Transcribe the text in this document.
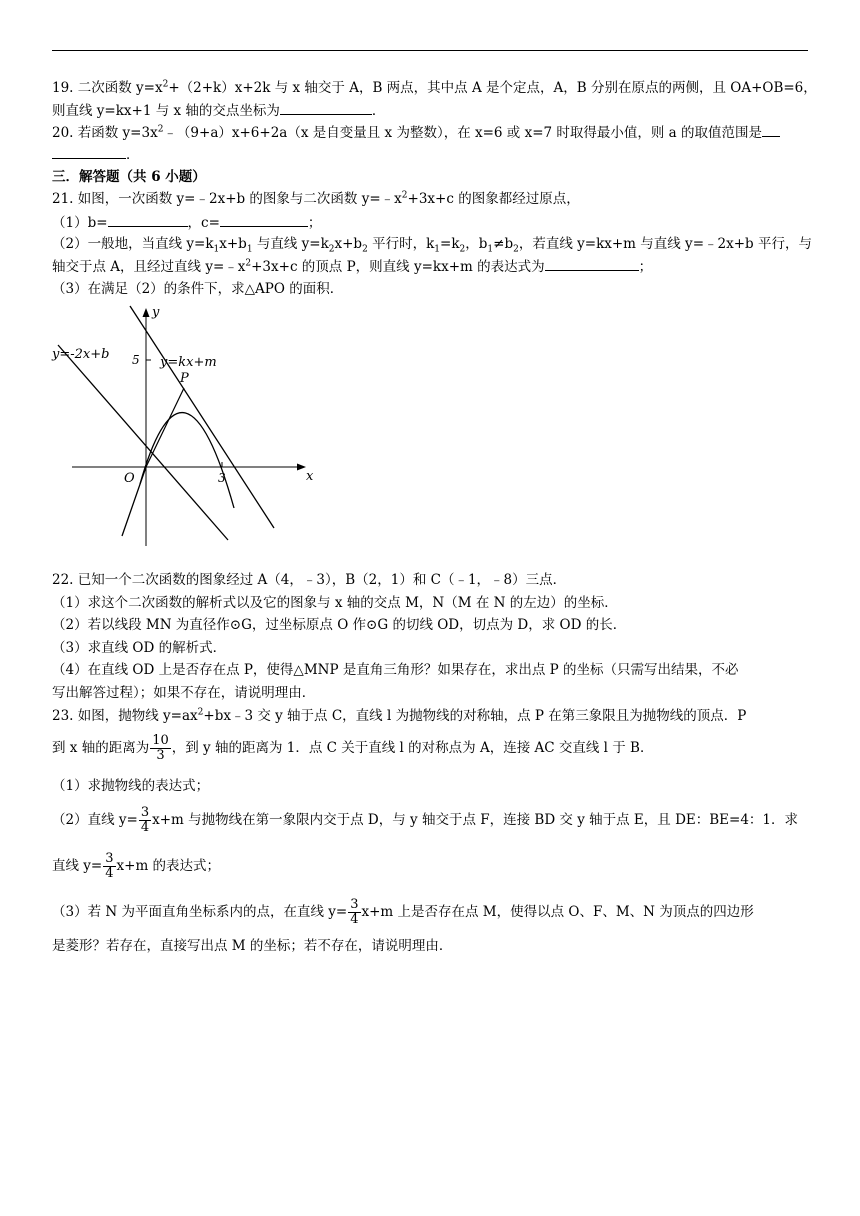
19. 二次函数 $y=x^2+(2+k)x+2k$ 与 x 轴交于 A，B 两点，其中点 A 是个定点，A，B 分别在原点的两侧，且 OA+OB=6，
则直线 y=kx+1 与 x 轴的交点坐标为	．
20. 若函数 $y=3x^2﹣(9+a)x+6+2a(x$ 是自变量且 x 为整数），在 x=6 或 x=7 时取得最小值，则 a 的取值范围是
．
三．解答题（共 6 小题）
21. 如图，一次函数 y=﹣2x+b 的图象与二次函数 $y=﹣x^2+3x+c$ 的图象都经过原点，
（1）b=	，c=	；
（2）一般地，当直线 $y=k_1x+b_1$ 与直线 $y=k_2x+b_2$ 平行时，$k_1=k_2$，$b_1\ne b_2$，若直线 y=kx+m 与直线 y=﹣2x+b 平行，与
轴交于点 A，且经过直线 $y=﹣x^2+3x+c$ 的顶点 P，则直线 y=kx+m 的表达式为	；
（3）在满足（2）的条件下，求△APO 的面积．
y=-2x+b
y=kx+m
y
x
O
P
5
3
22. 已知一个二次函数的图象经过 A（4，﹣3），B（2，1）和 C（﹣1，﹣8）三点．
（1）求这个二次函数的解析式以及它的图象与 x 轴的交点 M，N（M 在 N 的左边）的坐标．
（2）若以线段 MN 为直径作⊙G，过坐标原点 O 作⊙G 的切线 OD，切点为 D，求 OD 的长．
（3）求直线 OD 的解析式．
（4）在直线 OD 上是否存在点 P，使得△MNP 是直角三角形？如果存在，求出点 P 的坐标（只需写出结果，不必
写出解答过程）；如果不存在，请说明理由．
23. 如图，抛物线 $y=ax^2+bx﹣3$ 交 y 轴于点 C，直线 l 为抛物线的对称轴，点 P 在第三象限且为抛物线的顶点．P
到 x 轴的距离为 $\frac{10}{3}$ ，到 y 轴的距离为 1．点 C 关于直线 l 的对称点为 A，连接 AC 交直线 l 于 B．
（1）求抛物线的表达式；
（2）直线 $y= \frac{3}{4} x+m$ 与抛物线在第一象限内交于点 D，与 y 轴交于点 F，连接 BD 交 y 轴于点 E，且 DE：BE=4：1．求
直线 $y= \frac{3}{4} x+m$ 的表达式；
（3）若 N 为平面直角坐标系内的点，在直线 $y= \frac{3}{4} x+m$ 上是否存在点 M，使得以点 O、F、M、N 为顶点的四边形
是菱形？若存在，直接写出点 M 的坐标；若不存在，请说明理由．
